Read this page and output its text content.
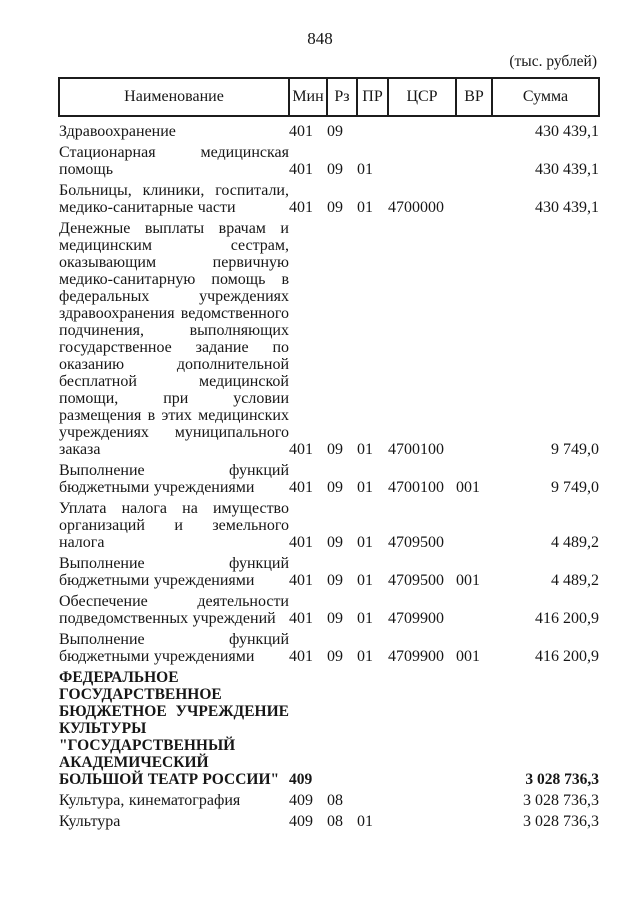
848
(тыс. рублей)
Наименование	Мин	Рз	ПР	ЦСР	ВР	Сумма
Здравоохранение	401	09				430 439,1
Стационарная медицинская помощь	401	09	01			430 439,1
Больницы, клиники, госпитали, медико-санитарные части	401	09	01	4700000		430 439,1
Денежные выплаты врачам и медицинским сестрам, оказывающим первичную медико-санитарную помощь в федеральных учреждениях здравоохранения ведомственного подчинения, выполняющих государственное задание по оказанию дополнительной бесплатной медицинской помощи, при условии размещения в этих медицинских учреждениях муниципального заказа	401	09	01	4700100		9 749,0
Выполнение функций бюджетными учреждениями	401	09	01	4700100	001	9 749,0
Уплата налога на имущество организаций и земельного налога	401	09	01	4709500		4 489,2
Выполнение функций бюджетными учреждениями	401	09	01	4709500	001	4 489,2
Обеспечение деятельности подведомственных учреждений	401	09	01	4709900		416 200,9
Выполнение функций бюджетными учреждениями	401	09	01	4709900	001	416 200,9
ФЕДЕРАЛЬНОЕ ГОСУДАРСТВЕННОЕ БЮДЖЕТНОЕ УЧРЕЖДЕНИЕ КУЛЬТУРЫ "ГОСУДАРСТВЕННЫЙ АКАДЕМИЧЕСКИЙ БОЛЬШОЙ ТЕАТР РОССИИ"	409					3 028 736,3
Культура, кинематография	409	08				3 028 736,3
Культура	409	08	01			3 028 736,3
